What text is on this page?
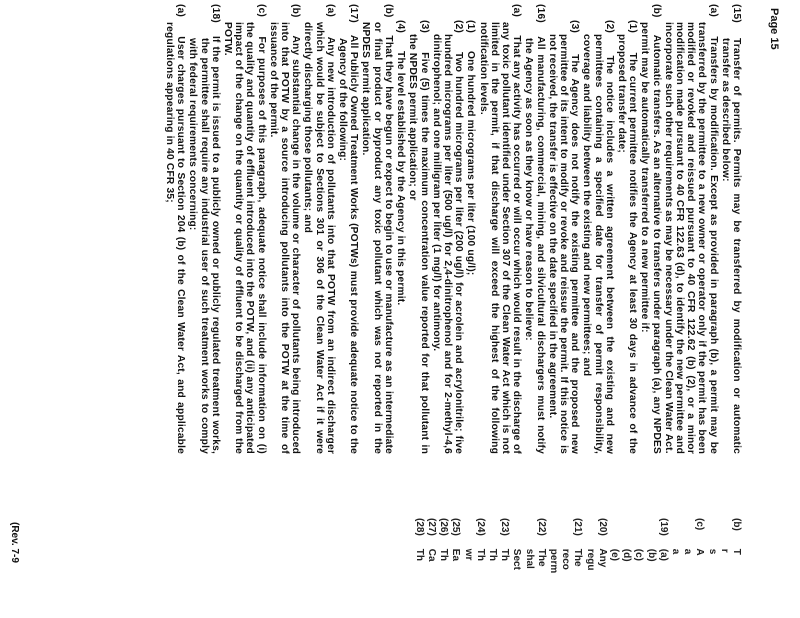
Page 15
(15) Transfer of permits. Permits may be transferred by modification or automatic transfer as described below:
(a) Transfers by modification. Except as provided in paragraph (b), a permit may be transferred by the permittee to a new owner or operator only if the permit has been modified or revoked and reissued pursuant to 40 CFR 122.62 (b) (2), or a minor modification made pursuant to 40 CFR 122.63 (d), to identify the new permittee and incorporate such other requirements as may be necessary under the Clean Water Act.
(b) Automatic transfers. As an alternative to transfers under paragraph (a), any NPDES permit may be automatically transferred to a new permittee if:
(1) The current permittee notifies the Agency at least 30 days in advance of the proposed transfer date;
(2) The notice includes a written agreement between the existing and new permittees containing a specified date for transfer of permit responsibility, coverage and liability between the existing and new permittees; and
(3) The Agency does not notify the existing permittee and the proposed new permittee of its intent to modify or revoke and reissue the permit. If this notice is not received, the transfer is effective on the date specified in the agreement.
(16) All manufacturing, commercial, mining, and silvicultural dischargers must notify the Agency as soon as they know or have reason to believe:
(a) That any activity has occurred or will occur which would result in the discharge of any toxic pollutant identified under Section 307 of the Clean Water Act which is not limited in the permit, if that discharge will exceed the highest of the following notification levels.
(1) One hundred micrograms per liter (100 ug/l);
(2) Two hundred micrograms per liter (200 ug/l) for acrolein and acrylonitrile; five hundred micrograms per liter (500 ug/l) for 2,4-dinitrophenol and for 2-methyl-4,6 dinitrophenol; and one milligram per liter (1 mg/l) for antimony.
(3) Five (5) times the maximum concentration value reported for that pollutant in the NPDES permit application; or
(4) The level established by the Agency in this permit.
(b) That they have begun or expect to begin to use or manufacture as an intermediate or final product or byproduct any toxic pollutant which was not reported in the NPDES permit application.
(17) All Publicly Owned Treatment Works (POTWs) must provide adequate notice to the Agency of the following:
(a) Any new introduction of pollutants into that POTW from an indirect discharger which would be subject to Sections 301 or 306 of the Clean Water Act if it were directly discharging those pollutants; and
(b) Any substantial change in the volume or character of pollutants being introduced into that POTW by a source introducing pollutants into the POTW at the time of issuance of the permit.
(c) For purposes of this paragraph, adequate notice shall include information on (i) the quality and quantity of effluent introduced into the POTW, and (ii) any anticipated impact of the change on the quantity or quality of effluent to be discharged from the POTW.
(18) If the permit is issued to a publicly owned or publicly regulated treatment works, the permittee shall require any industrial user of such treatment works to comply with federal requirements concerning:
(a) User charges pursuant to Section 204 (b) of the Clean Water Act, and applicable regulations appearing in 40 CFR 35;
(b) T
r
s
(c) A
a
a
(19) (a)
(b)
(c)
(d)
(e)
(20) Any
regu
(21) The
reco
perm
(22) The
shal
Sect
(23) Th
Th
(24) Th
wr
(25) Ea
(26) Th
(27) Ca
(28) Th
(Rev. 7-9
